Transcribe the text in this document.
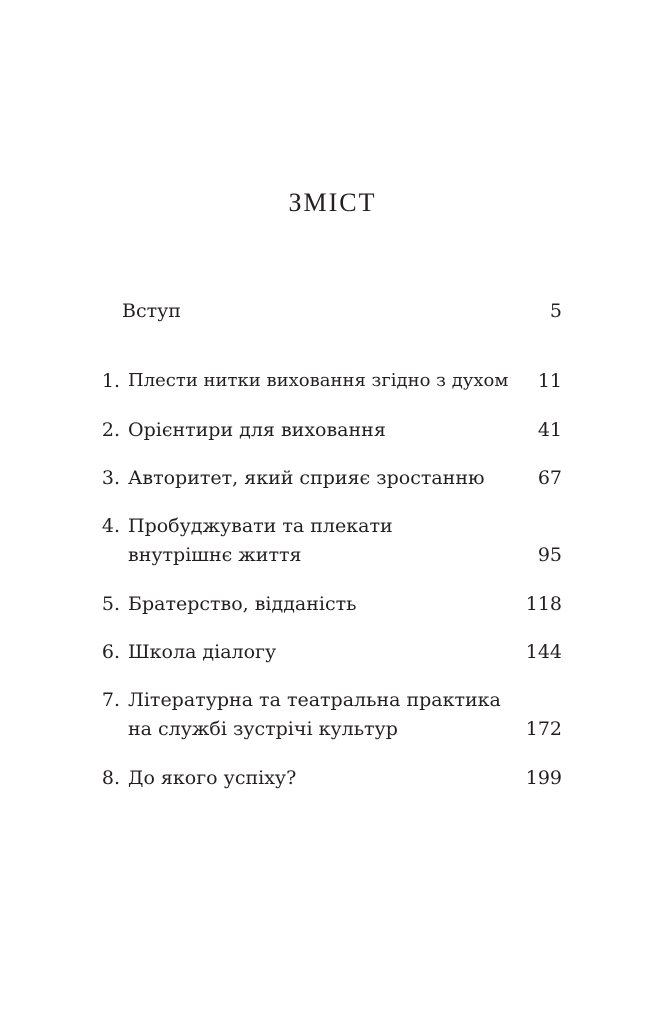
ЗМІСТ
Вступ	5
1. Плести нитки виховання згідно з духом 11
2. Орієнтири для виховання	41
3. Авторитет, який сприяє зростанню	67
4. Пробуджувати та плекати
внутрішнє життя	95
5. Братерство, відданість	118
6. Школа діалогу	144
7. Літературна та театральна практика
на службі зустрічі культур	172
8. До якого успіху?	199
